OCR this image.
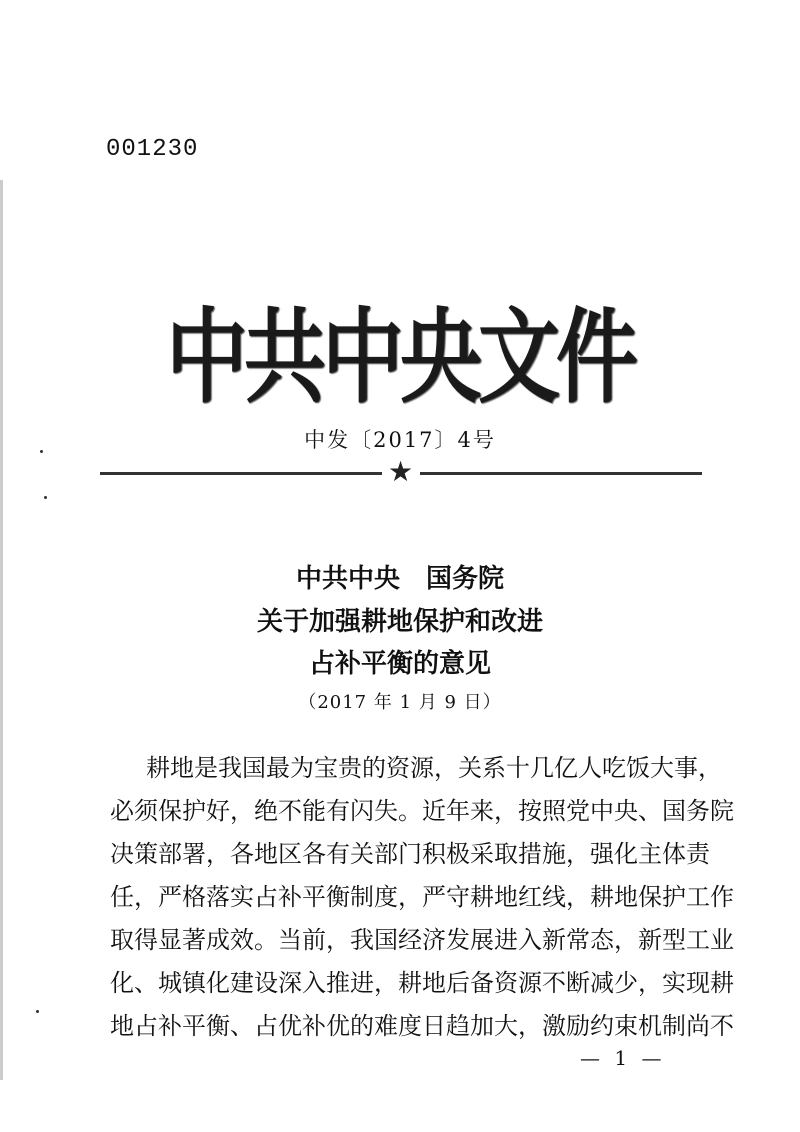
001230
中共中央文件
中发〔2017〕4号
★
中共中央　国务院
关于加强耕地保护和改进
占补平衡的意见
（2017 年 1 月 9 日）
耕地是我国最为宝贵的资源，关系十几亿人吃饭大事，
必须保护好，绝不能有闪失。近年来，按照党中央、国务院
决策部署，各地区各有关部门积极采取措施，强化主体责
任，严格落实占补平衡制度，严守耕地红线，耕地保护工作
取得显著成效。当前，我国经济发展进入新常态，新型工业
化、城镇化建设深入推进，耕地后备资源不断减少，实现耕
地占补平衡、占优补优的难度日趋加大，激励约束机制尚不
— 1 —
